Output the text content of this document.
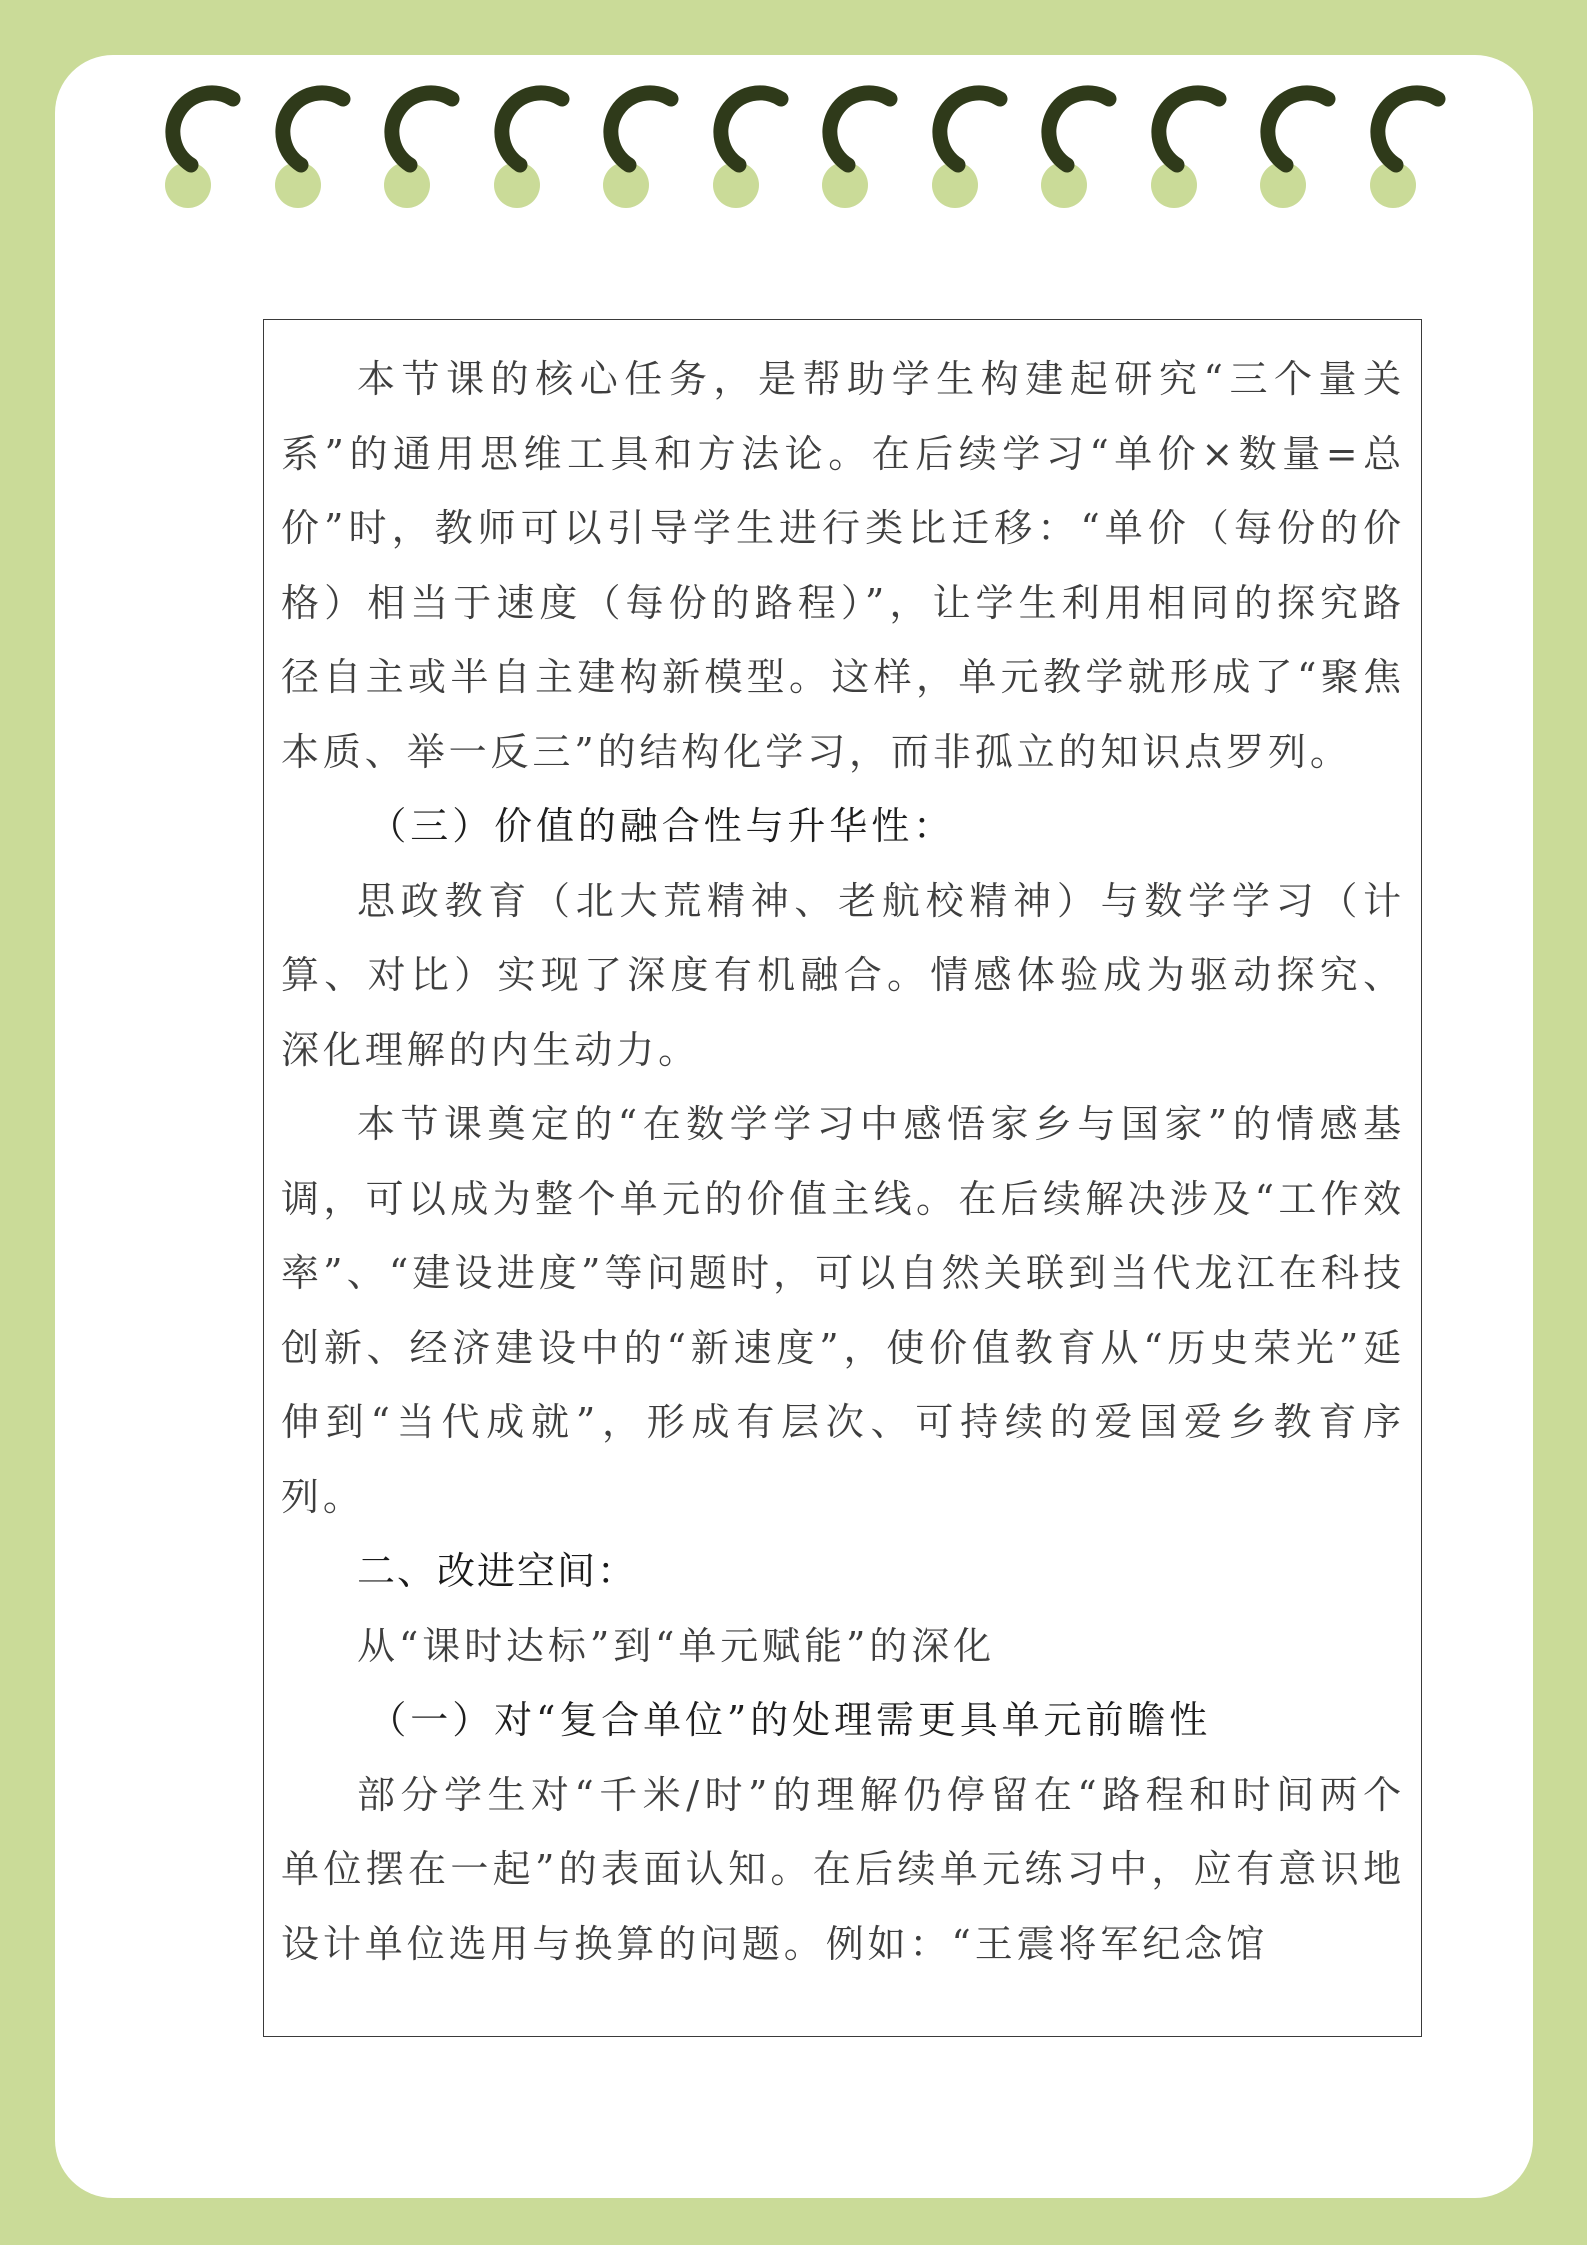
本节课的核心任务，是帮助学生构建起研究“三个量关系”的通用思维工具和方法论。在后续学习“单价×数量=总价”时，教师可以引导学生进行类比迁移：“单价（每份的价格）相当于速度（每份的路程）”，让学生利用相同的探究路径自主或半自主建构新模型。这样，单元教学就形成了“聚焦本质、举一反三”的结构化学习，而非孤立的知识点罗列。

（三）价值的融合性与升华性：

思政教育（北大荒精神、老航校精神）与数学学习（计算、对比）实现了深度有机融合。情感体验成为驱动探究、深化理解的内生动力。

本节课奠定的“在数学学习中感悟家乡与国家”的情感基调，可以成为整个单元的价值主线。在后续解决涉及“工作效率”、“建设进度”等问题时，可以自然关联到当代龙江在科技创新、经济建设中的“新速度”，使价值教育从“历史荣光”延伸到“当代成就”，形成有层次、可持续的爱国爱乡教育序列。

二、改进空间：

从“课时达标”到“单元赋能”的深化

（一）对“复合单位”的处理需更具单元前瞻性

部分学生对“千米/时”的理解仍停留在“路程和时间两个单位摆在一起”的表面认知。在后续单元练习中，应有意识地设计单位选用与换算的问题。例如：“王震将军纪念馆
